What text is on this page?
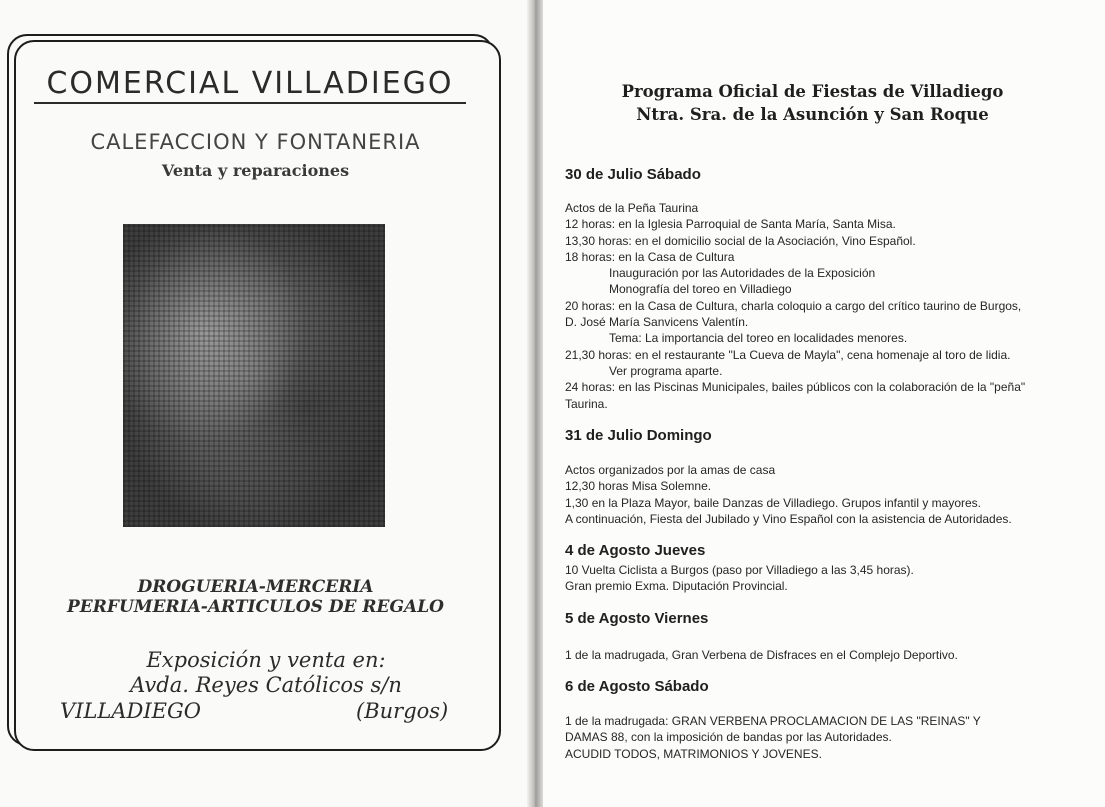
COMERCIAL VILLADIEGO
CALEFACCION Y FONTANERIA
Venta y reparaciones
DROGUERIA-MERCERIA
PERFUMERIA-ARTICULOS DE REGALO
Exposición y venta en:
Avda. Reyes Católicos s/n
VILLADIEGO	(Burgos)
Programa Oficial de Fiestas de Villadiego
Ntra. Sra. de la Asunción y San Roque
30 de Julio Sábado
Actos de la Peña Taurina
12 horas: en la Iglesia Parroquial de Santa María, Santa Misa.
13,30 horas: en el domicilio social de la Asociación, Vino Español.
18 horas: en la Casa de Cultura
Inauguración por las Autoridades de la Exposición
Monografía del toreo en Villadiego
20 horas: en la Casa de Cultura, charla coloquio a cargo del crítico taurino de Burgos,
D. José María Sanvicens Valentín.
Tema: La importancia del toreo en localidades menores.
21,30 horas: en el restaurante "La Cueva de Mayla", cena homenaje al toro de lidia.
Ver programa aparte.
24 horas: en las Piscinas Municipales, bailes públicos con la colaboración de la "peña"
Taurina.
31 de Julio Domingo
Actos organizados por la amas de casa
12,30 horas Misa Solemne.
1,30 en la Plaza Mayor, baile Danzas de Villadiego. Grupos infantil y mayores.
A continuación, Fiesta del Jubilado y Vino Español con la asistencia de Autoridades.
4 de Agosto Jueves
10 Vuelta Ciclista a Burgos (paso por Villadiego a las 3,45 horas).
Gran premio Exma. Diputación Provincial.
5 de Agosto Viernes
1 de la madrugada, Gran Verbena de Disfraces en el Complejo Deportivo.
6 de Agosto Sábado
1 de la madrugada: GRAN VERBENA PROCLAMACION DE LAS "REINAS" Y
DAMAS 88, con la imposición de bandas por las Autoridades.
ACUDID TODOS, MATRIMONIOS Y JOVENES.
